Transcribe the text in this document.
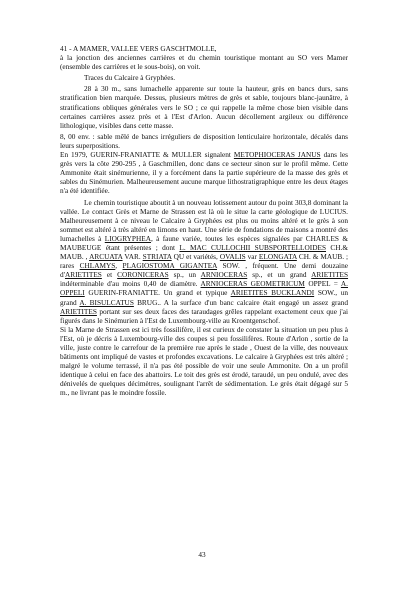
41 - A MAMER, VALLEE VERS GASCHTMOLLE,
à la jonction des anciennes carrières et du chemin touristique montant au SO vers Mamer (ensemble des carrières et le sous-bois), on voit.

Traces du Calcaire à Gryphées.

28 à 30 m., sans lumachelle apparente sur toute la hauteur, grès en bancs durs, sans stratification bien marquée. Dessus, plusieurs mètres de grès et sable, toujours blanc-jaunâtre, à stratifications obliques générales vers le SO ; ce qui rappelle la même chose bien visible dans certaines carrières assez près et à l'Est d'Arlon. Aucun décollement argileux ou différence lithologique, visibles dans cette masse.

8, 00 env. : sable mêlé de bancs irréguliers de disposition lenticulaire horizontale, décalés dans leurs superpositions.

En 1979, GUERIN-FRANIATTE & MULLER signalent METOPHIOCERAS JANUS dans les grès vers la côte 290-295 , à Gaschmillen, donc dans ce secteur sinon sur le profil même. Cette Ammonite était sinémurienne, il y a forcément dans la partie supérieure de la masse des grès et sables du Sinémurien. Malheureusement aucune marque lithostratigraphique entre les deux étages n'a été identifiée.

Le chemin touristique aboutit à un nouveau lotissement autour du point 303,8 dominant la vallée. Le contact Grès et Marne de Strassen est là où le situe la carte géologique de LUCIUS. Malheureusement à ce niveau le Calcaire à Gryphées est plus ou moins altéré et le grès à son sommet est altéré à très altéré en limons en haut. Une série de fondations de maisons a montré des lumachelles à LIOGRYPHEA, à faune variée, toutes les espèces signalées par CHARLES & MAUBEUGE étant présentes ; dont L. MAC CULLOCHII SUBSPORTELLOIDES CH.& MAUB. , ARCUATA VAR. STRIATA QU et variétés, OVALIS var ELONGATA CH. & MAUB. ; rares CHLAMYS, PLAGIOSTOMA GIGANTEA SOW. , fréquent. Une demi douzaine d'ARIETITES et CORONICERAS sp., un ARNIOCERAS sp., et un grand ARIETITES indéterminable d'au moins 0,40 de diamètre. ARNIOCERAS GEOMETRICUM OPPEL = A. OPPELI GUERIN-FRANIATTE. Un grand et typique ARIETITES BUCKLANDI SOW., un grand A. BISULCATUS BRUG.. A la surface d'un banc calcaire était engagé un assez grand ARIETITES portant sur ses deux faces des taraudages grêles rappelant exactement ceux que j'ai figurés dans le Sinémurien à l'Est de Luxembourg-ville au Kroentgenschof.

Si la Marne de Strassen est ici très fossilifère, il est curieux de constater la situation un peu plus à l'Est, où je décris à Luxembourg-ville des coupes si peu fossilifères. Route d'Arlon , sortie de la ville, juste contre le carrefour de la première rue après le stade , Ouest de la ville, des nouveaux bâtiments ont impliqué de vastes et profondes excavations. Le calcaire à Gryphées est très altéré ; malgré le volume terrassé, il n'a pas été possible de voir une seule Ammonite. On a un profil identique à celui en face des abattoirs. Le toit des grès est érodé, taraudé, un peu ondulé, avec des dénivelés de quelques décimètres, soulignant l'arrêt de sédimentation. Le grès était dégagé sur 5 m., ne livrant pas le moindre fossile.

43
